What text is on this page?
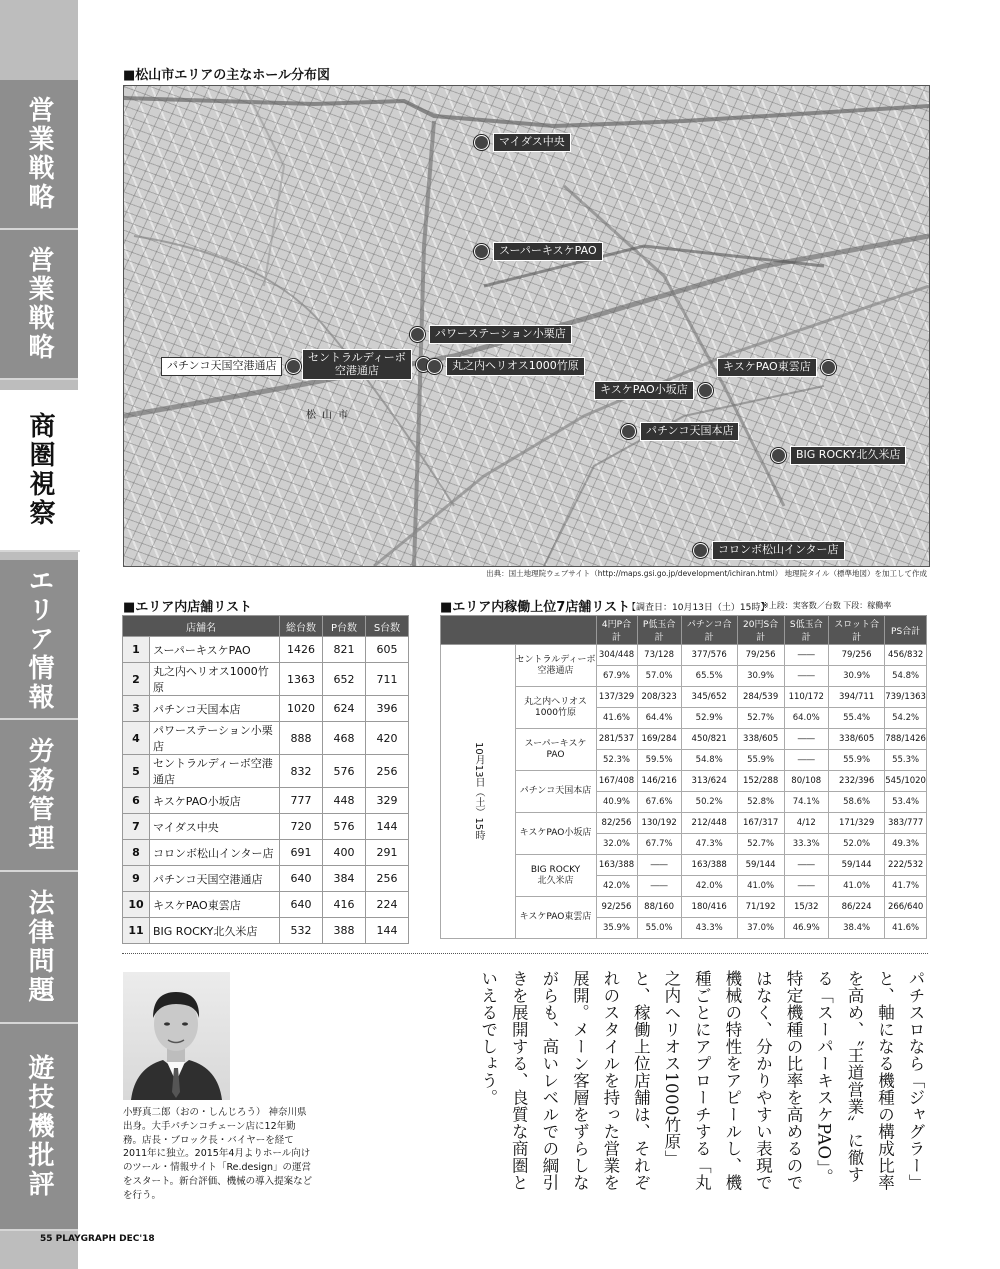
営業戦略
営業戦略
商圏視察
エリア情報
労務管理
法律問題
遊技機批評
■松山市エリアの主なホール分布図
マイダス中央
スーパーキスケPAO
パワーステーション小栗店
パチンコ天国空港通店
セントラルディーボ
空港通店	丸之内ヘリオス1000竹原	キスケPAO東雲店
キスケPAO小坂店
パチンコ天国本店
BIG ROCKY北久米店
コロンボ松山インター店
松山市
出典：国土地理院ウェブサイト（http://maps.gsi.go.jp/development/ichiran.html） 地理院タイル（標準地図）を加工して作成
■エリア内店舗リスト
店舗名		総台数	P台数	S台数
1	スーパーキスケPAO	1426	821	605
2	丸之内ヘリオス1000竹原	1363	652	711
3	パチンコ天国本店	1020	624	396
4	パワーステーション小栗店	888	468	420
5	セントラルディーボ空港通店	832	576	256
6	キスケPAO小坂店	777	448	329
7	マイダス中央	720	576	144
8	コロンボ松山インター店	691	400	291
9	パチンコ天国空港通店	640	384	256
10	キスケPAO東雲店	640	416	224
11	BIG ROCKY北久米店	532	388	144
■エリア内稼働上位7店舗リスト
【調査日：10月13日（土）15時】
※上段：実客数／台数 下段：稼働率
		4円P合計	P低玉合計	パチンコ合計	20円S合計	S低玉合計	スロット合計	PS合計
10月13日（土）15時	セントラルディーボ
空港通店	304/448	73/128	377/576	79/256	――	79/256	456/832
		67.9%	57.0%	65.5%	30.9%	――	30.9%	54.8%

	丸之内ヘリオス
1000竹原	137/329	208/323	345/652	284/539	110/172	394/711	739/1363
		41.6%	64.4%	52.9%	52.7%	64.0%	55.4%	54.2%

	スーパーキスケ
PAO	281/537	169/284	450/821	338/605	――	338/605	788/1426
		52.3%	59.5%	54.8%	55.9%	――	55.9%	55.3%

	パチンコ天国本店	167/408	146/216	313/624	152/288	80/108	232/396	545/1020
		40.9%	67.6%	50.2%	52.8%	74.1%	58.6%	53.4%

	キスケPAO小坂店	82/256	130/192	212/448	167/317	4/12	171/329	383/777
		32.0%	67.7%	47.3%	52.7%	33.3%	52.0%	49.3%

	BIG ROCKY
北久米店	163/388	――	163/388	59/144	――	59/144	222/532
		42.0%	――	42.0%	41.0%	――	41.0%	41.7%

	キスケPAO東雲店	92/256	88/160	180/416	71/192	15/32	86/224	266/640
		35.9%	55.0%	43.3%	37.0%	46.9%	38.4%	41.6%
小野真二郎（おの・しんじろう） 神奈川県出身。大手パチンコチェーン店に12年勤務。店長・ブロック長・バイヤーを経て2011年に独立。2015年4月よりホール向けのツール・情報サイト「Re.design」の運営をスタート。新台評価、機械の導入提案などを行う。
パチスロなら「ジャグラー」と、軸になる機種の構成比率を高め、〝王道営業〟に徹する「スーパーキスケPAO」。特定機種の比率を高めるのではなく、分かりやすい表現で機械の特性をアピールし、機種ごとにアプローチする「丸之内ヘリオス1000竹原」と、稼働上位店舗は、それぞれのスタイルを持った営業を展開。メーン客層をずらしながらも、高いレベルでの綱引きを展開する、良質な商圏といえるでしょう。
55 PLAYGRAPH DEC'18
